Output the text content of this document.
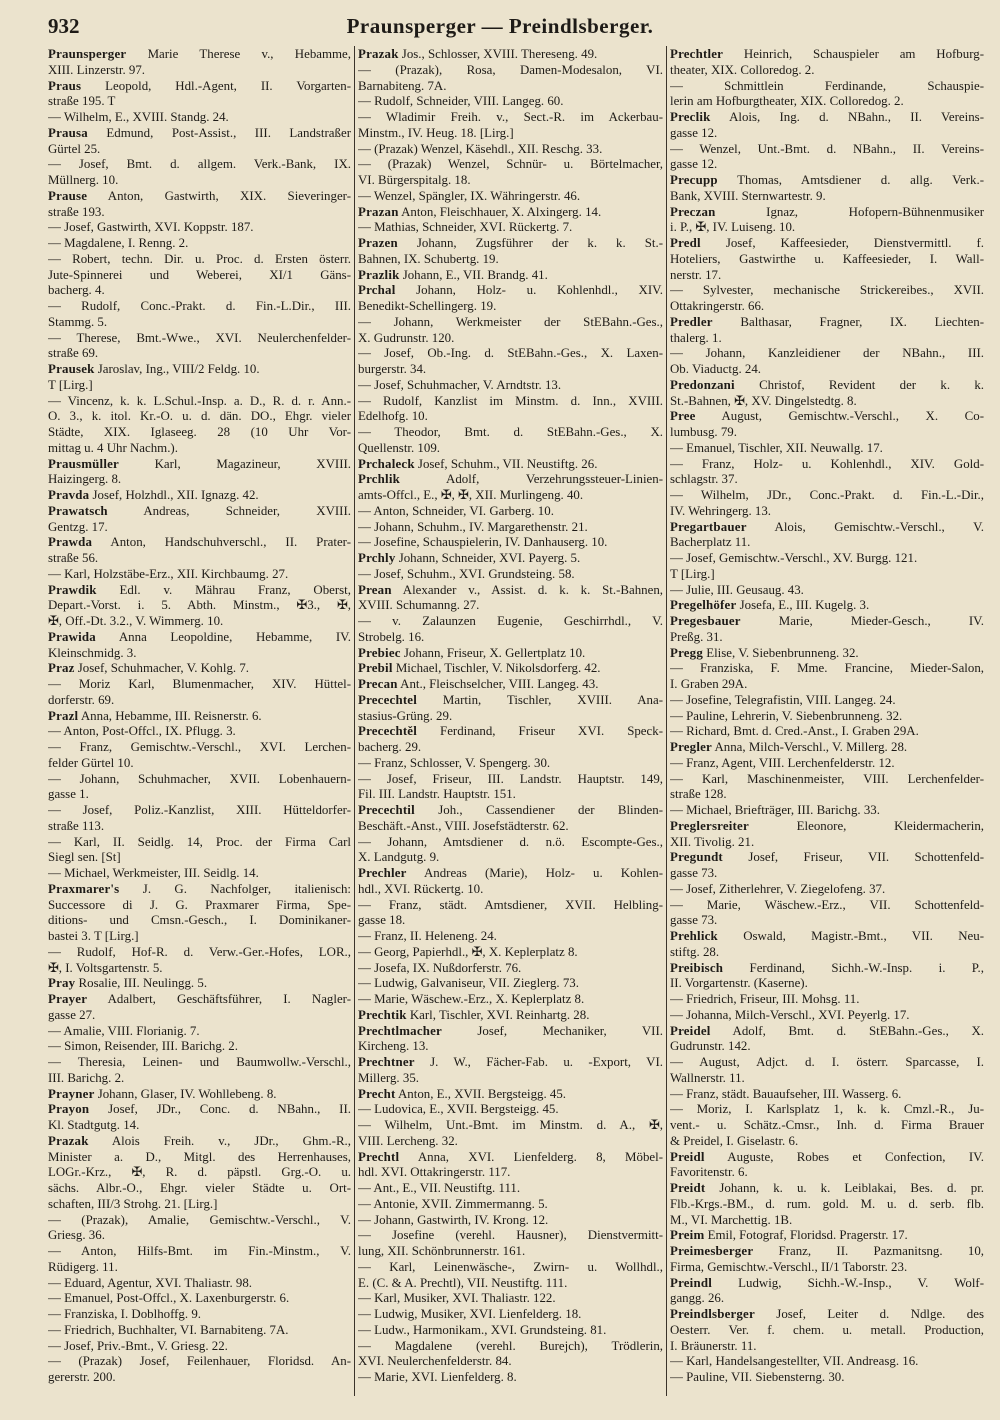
932	Praunsperger — Preindlsberger.
Praunsperger Marie Therese v., Hebamme,
XIII. Linzerstr. 97.
Praus Leopold, Hdl.-Agent, II. Vorgarten-
straße 195. T
— Wilhelm, E., XVIII. Standg. 24.
Prausa Edmund, Post-Assist., III. Landstraßer
Gürtel 25.
— Josef, Bmt. d. allgem. Verk.-Bank, IX.
Müllnerg. 10.
Prause Anton, Gastwirth, XIX. Sieveringer-
straße 193.
— Josef, Gastwirth, XVI. Koppstr. 187.
— Magdalene, I. Renng. 2.
— Robert, techn. Dir. u. Proc. d. Ersten österr.
Jute-Spinnerei und Weberei, XI/1 Gäns-
bacherg. 4.
— Rudolf, Conc.-Prakt. d. Fin.-L.Dir., III.
Stammg. 5.
— Therese, Bmt.-Wwe., XVI. Neulerchenfelder-
straße 69.
Prausek Jaroslav, Ing., VIII/2 Feldg. 10.
T [Lirg.]
— Vincenz, k. k. L.Schul.-Insp. a. D., R. d. r. Ann.-
O. 3., k. itol. Kr.-O. u. d. dän. DO., Ehgr. vieler
Städte, XIX. Iglaseeg. 28 (10 Uhr Vor-
mittag u. 4 Uhr Nachm.).
Prausmüller Karl, Magazineur, XVIII.
Haizingerg. 8.
Pravda Josef, Holzhdl., XII. Ignazg. 42.
Prawatsch Andreas, Schneider, XVIII.
Gentzg. 17.
Prawda Anton, Handschuhverschl., II. Prater-
straße 56.
— Karl, Holzstäbe-Erz., XII. Kirchbaumg. 27.
Prawdik Edl. v. Mährau Franz, Oberst,
Depart.-Vorst. i. 5. Abth. Minstm., ✠3., ✠,
✠, Off.-Dt. 3.2., V. Wimmerg. 10.
Prawida Anna Leopoldine, Hebamme, IV.
Kleinschmidg. 3.
Praz Josef, Schuhmacher, V. Kohlg. 7.
— Moriz Karl, Blumenmacher, XIV. Hüttel-
dorferstr. 69.
Prazl Anna, Hebamme, III. Reisnerstr. 6.
— Anton, Post-Offcl., IX. Pflugg. 3.
— Franz, Gemischtw.-Verschl., XVI. Lerchen-
felder Gürtel 10.
— Johann, Schuhmacher, XVII. Lobenhauern-
gasse 1.
— Josef, Poliz.-Kanzlist, XIII. Hütteldorfer-
straße 113.
— Karl, II. Seidlg. 14, Proc. der Firma Carl
Siegl sen. [St]
— Michael, Werkmeister, III. Seidlg. 14.
Praxmarer's J. G. Nachfolger, italienisch:
Successore di J. G. Praxmarer Firma, Spe-
ditions- und Cmsn.-Gesch., I. Dominikaner-
bastei 3. T [Lirg.]
— Rudolf, Hof-R. d. Verw.-Ger.-Hofes, LOR.,
✠, I. Voltsgartenstr. 5.
Pray Rosalie, III. Neulingg. 5.
Prayer Adalbert, Geschäftsführer, I. Nagler-
gasse 27.
— Amalie, VIII. Florianig. 7.
— Simon, Reisender, III. Barichg. 2.
— Theresia, Leinen- und Baumwollw.-Verschl.,
III. Barichg. 2.
Prayner Johann, Glaser, IV. Wohllebeng. 8.
Prayon Josef, JDr., Conc. d. NBahn., II.
Kl. Stadtgutg. 14.
Prazak Alois Freih. v., JDr., Ghm.-R.,
Minister a. D., Mitgl. des Herrenhauses,
LOGr.-Krz., ✠, R. d. päpstl. Grg.-O. u.
sächs. Albr.-O., Ehgr. vieler Städte u. Ort-
schaften, III/3 Strohg. 21. [Lirg.]
— (Prazak), Amalie, Gemischtw.-Verschl., V.
Griesg. 36.
— Anton, Hilfs-Bmt. im Fin.-Minstm., V.
Rüdigerg. 11.
— Eduard, Agentur, XVI. Thaliastr. 98.
— Emanuel, Post-Offcl., X. Laxenburgerstr. 6.
— Franziska, I. Doblhoffg. 9.
— Friedrich, Buchhalter, VI. Barnabiteng. 7A.
— Josef, Priv.-Bmt., V. Griesg. 22.
— (Prazak) Josef, Feilenhauer, Floridsd. An-
gererstr. 200.
Prazak Jos., Schlosser, XVIII. Thereseng. 49.
— (Prazak), Rosa, Damen-Modesalon, VI.
Barnabiteng. 7A.
— Rudolf, Schneider, VIII. Langeg. 60.
— Wladimir Freih. v., Sect.-R. im Ackerbau-
Minstm., IV. Heug. 18. [Lirg.]
— (Prazak) Wenzel, Käsehdl., XII. Reschg. 33.
— (Prazak) Wenzel, Schnür- u. Börtelmacher,
VI. Bürgerspitalg. 18.
— Wenzel, Spängler, IX. Währingerstr. 46.
Prazan Anton, Fleischhauer, X. Alxingerg. 14.
— Mathias, Schneider, XVI. Rückertg. 7.
Prazen Johann, Zugsführer der k. k. St.-
Bahnen, IX. Schubertg. 19.
Prazlik Johann, E., VII. Brandg. 41.
Prchal Johann, Holz- u. Kohlenhdl., XIV.
Benedikt-Schellingerg. 19.
— Johann, Werkmeister der StEBahn.-Ges.,
X. Gudrunstr. 120.
— Josef, Ob.-Ing. d. StEBahn.-Ges., X. Laxen-
burgerstr. 34.
— Josef, Schuhmacher, V. Arndtstr. 13.
— Rudolf, Kanzlist im Minstm. d. Inn., XVIII.
Edelhofg. 10.
— Theodor, Bmt. d. StEBahn.-Ges., X.
Quellenstr. 109.
Prchaleck Josef, Schuhm., VII. Neustiftg. 26.
Prchlik Adolf, Verzehrungssteuer-Linien-
amts-Offcl., E., ✠, ✠, XII. Murlingeng. 40.
— Anton, Schneider, VI. Garberg. 10.
— Johann, Schuhm., IV. Margarethenstr. 21.
— Josefine, Schauspielerin, IV. Danhauserg. 10.
Prchly Johann, Schneider, XVI. Payerg. 5.
— Josef, Schuhm., XVI. Grundsteing. 58.
Prean Alexander v., Assist. d. k. k. St.-Bahnen,
XVIII. Schumanng. 27.
— v. Zalaunzen Eugenie, Geschirrhdl., V.
Strobelg. 16.
Prebiec Johann, Friseur, X. Gellertplatz 10.
Prebil Michael, Tischler, V. Nikolsdorferg. 42.
Precan Ant., Fleischselcher, VIII. Langeg. 43.
Precechtel Martin, Tischler, XVIII. Ana-
stasius-Grüng. 29.
Precechtěl Ferdinand, Friseur XVI. Speck-
bacherg. 29.
— Franz, Schlosser, V. Spengerg. 30.
— Josef, Friseur, III. Landstr. Hauptstr. 149,
Fil. III. Landstr. Hauptstr. 151.
Precechtil Joh., Cassendiener der Blinden-
Beschäft.-Anst., VIII. Josefstädterstr. 62.
— Johann, Amtsdiener d. n.ö. Escompte-Ges.,
X. Landgutg. 9.
Prechler Andreas (Marie), Holz- u. Kohlen-
hdl., XVI. Rückertg. 10.
— Franz, städt. Amtsdiener, XVII. Helbling-
gasse 18.
— Franz, II. Heleneng. 24.
— Georg, Papierhdl., ✠, X. Keplerplatz 8.
— Josefa, IX. Nußdorferstr. 76.
— Ludwig, Galvaniseur, VII. Zieglerg. 73.
— Marie, Wäschew.-Erz., X. Keplerplatz 8.
Prechtik Karl, Tischler, XVI. Reinhartg. 28.
Prechtlmacher Josef, Mechaniker, VII.
Kircheng. 13.
Prechtner J. W., Fächer-Fab. u. -Export, VI.
Millerg. 35.
Precht Anton, E., XVII. Bergsteigg. 45.
— Ludovica, E., XVII. Bergsteigg. 45.
— Wilhelm, Unt.-Bmt. im Minstm. d. A., ✠,
VIII. Lercheng. 32.
Prechtl Anna, XVI. Lienfelderg. 8, Möbel-
hdl. XVI. Ottakringerstr. 117.
— Ant., E., VII. Neustiftg. 111.
— Antonie, XVII. Zimmermanng. 5.
— Johann, Gastwirth, IV. Krong. 12.
— Josefine (verehl. Hausner), Dienstvermitt-
lung, XII. Schönbrunnerstr. 161.
— Karl, Leinenwäsche-, Zwirn- u. Wollhdl.,
E. (C. & A. Prechtl), VII. Neustiftg. 111.
— Karl, Musiker, XVI. Thaliastr. 122.
— Ludwig, Musiker, XVI. Lienfelderg. 18.
— Ludw., Harmonikam., XVI. Grundsteing. 81.
— Magdalene (verehl. Burejch), Trödlerin,
XVI. Neulerchenfelderstr. 84.
— Marie, XVI. Lienfelderg. 8.
Prechtler Heinrich, Schauspieler am Hofburg-
theater, XIX. Colloredog. 2.
— Schmittlein Ferdinande, Schauspie-
lerin am Hofburgtheater, XIX. Colloredog. 2.
Preclik Alois, Ing. d. NBahn., II. Vereins-
gasse 12.
— Wenzel, Unt.-Bmt. d. NBahn., II. Vereins-
gasse 12.
Precupp Thomas, Amtsdiener d. allg. Verk.-
Bank, XVIII. Sternwartestr. 9.
Preczan Ignaz, Hofopern-Bühnenmusiker
i. P., ✠, IV. Luiseng. 10.
Predl Josef, Kaffeesieder, Dienstvermittl. f.
Hoteliers, Gastwirthe u. Kaffeesieder, I. Wall-
nerstr. 17.
— Sylvester, mechanische Strickereibes., XVII.
Ottakringerstr. 66.
Predler Balthasar, Fragner, IX. Liechten-
thalerg. 1.
— Johann, Kanzleidiener der NBahn., III.
Ob. Viaductg. 24.
Predonzani Christof, Revident der k. k.
St.-Bahnen, ✠, XV. Dingelstedtg. 8.
Pree August, Gemischtw.-Verschl., X. Co-
lumbusg. 79.
— Emanuel, Tischler, XII. Neuwallg. 17.
— Franz, Holz- u. Kohlenhdl., XIV. Gold-
schlagstr. 37.
— Wilhelm, JDr., Conc.-Prakt. d. Fin.-L.-Dir.,
IV. Wehringerg. 13.
Pregartbauer Alois, Gemischtw.-Verschl., V.
Bacherplatz 11.
— Josef, Gemischtw.-Verschl., XV. Burgg. 121.
T [Lirg.]
— Julie, III. Geusaug. 43.
Pregelhöfer Josefa, E., III. Kugelg. 3.
Pregesbauer Marie, Mieder-Gesch., IV.
Preßg. 31.
Pregg Elise, V. Siebenbrunneng. 32.
— Franziska, F. Mme. Francine, Mieder-Salon,
I. Graben 29A.
— Josefine, Telegrafistin, VIII. Langeg. 24.
— Pauline, Lehrerin, V. Siebenbrunneng. 32.
— Richard, Bmt. d. Cred.-Anst., I. Graben 29A.
Pregler Anna, Milch-Verschl., V. Millerg. 28.
— Franz, Agent, VIII. Lerchenfelderstr. 12.
— Karl, Maschinenmeister, VIII. Lerchenfelder-
straße 128.
— Michael, Briefträger, III. Barichg. 33.
Preglersreiter Eleonore, Kleidermacherin,
XII. Tivolig. 21.
Pregundt Josef, Friseur, VII. Schottenfeld-
gasse 73.
— Josef, Zitherlehrer, V. Ziegelofeng. 37.
— Marie, Wäschew.-Erz., VII. Schottenfeld-
gasse 73.
Prehlick Oswald, Magistr.-Bmt., VII. Neu-
stiftg. 28.
Preibisch Ferdinand, Sichh.-W.-Insp. i. P.,
II. Vorgartenstr. (Kaserne).
— Friedrich, Friseur, III. Mohsg. 11.
— Johanna, Milch-Verschl., XVI. Peyerlg. 17.
Preidel Adolf, Bmt. d. StEBahn.-Ges., X.
Gudrunstr. 142.
— August, Adjct. d. I. österr. Sparcasse, I.
Wallnerstr. 11.
— Franz, städt. Bauaufseher, III. Wasserg. 6.
— Moriz, I. Karlsplatz 1, k. k. Cmzl.-R., Ju-
vent.- u. Schätz.-Cmsr., Inh. d. Firma Brauer
& Preidel, I. Giselastr. 6.
Preidl Auguste, Robes et Confection, IV.
Favoritenstr. 6.
Preidt Johann, k. u. k. Leiblakai, Bes. d. pr.
Flb.-Krgs.-BM., d. rum. gold. M. u. d. serb. flb.
M., VI. Marchettig. 1B.
Preim Emil, Fotograf, Floridsd. Pragerstr. 17.
Preimesberger Franz, II. Pazmanitsng. 10,
Firma, Gemischtw.-Verschl., II/1 Taborstr. 23.
Preindl Ludwig, Sichh.-W.-Insp., V. Wolf-
gangg. 26.
Preindlsberger Josef, Leiter d. Ndlge. des
Oesterr. Ver. f. chem. u. metall. Production,
I. Bräunerstr. 11.
— Karl, Handelsangestellter, VII. Andreasg. 16.
— Pauline, VII. Siebensterng. 30.
